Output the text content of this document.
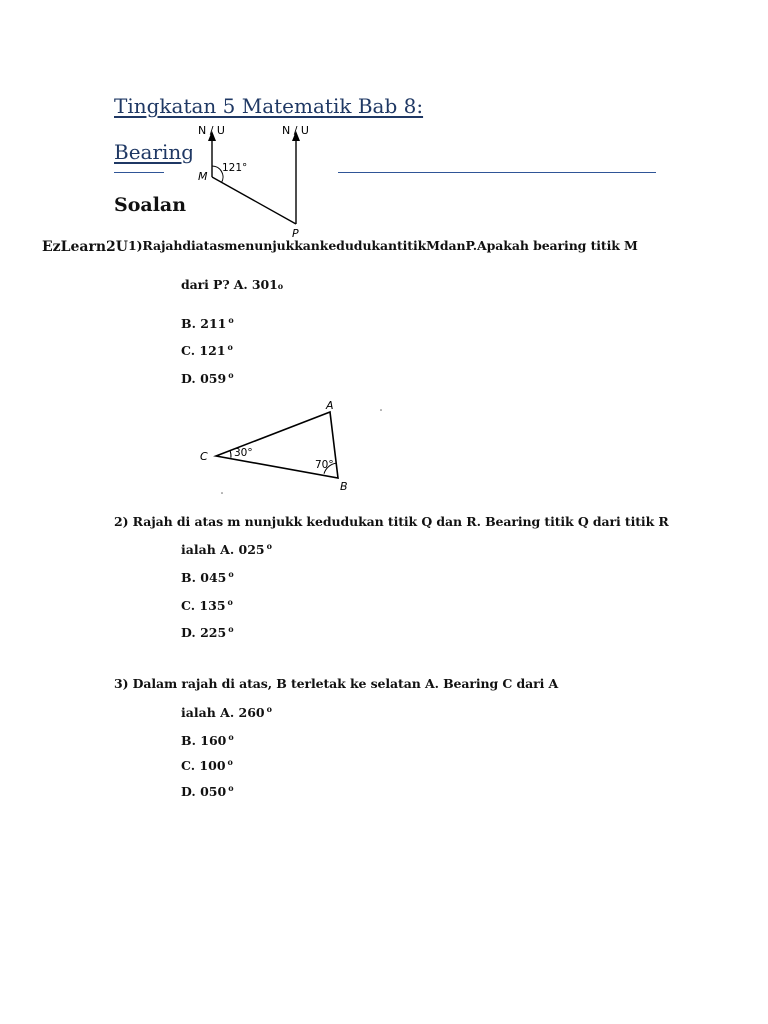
Tingkatan 5 Matematik Bab 8:
Bearing
N / U	N / U
121°
M
P
Soalan
EzLearn2U 1)RajahdiatasmenunjukkankedudukantitikMdanP.Apakah bearing titik M
dari P? A. 301o
B. 211 $^o$
C. 121 $^o$
D. 059 $^o$
A
B
C	30°
70°
2) Rajah di atas m nunjukk kedudukan titik Q dan R. Bearing titik Q dari titik R
ialah A. 025 $^o$
B. 045 $^o$
C. 135 $^o$
D. 225 $^o$
3) Dalam rajah di atas, B terletak ke selatan A. Bearing C dari A
ialah A. 260 $^o$
B. 160 $^o$
C. 100 $^o$
D. 050 $^o$
